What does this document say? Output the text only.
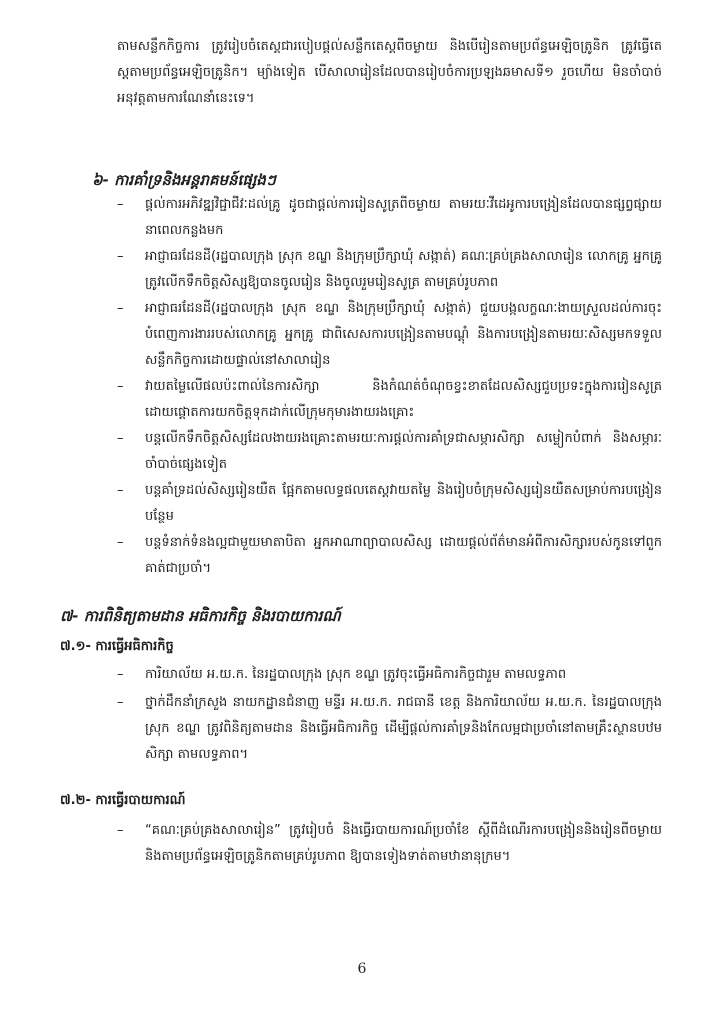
តាមសន្លឹកកិច្ចការ ត្រូវរៀបចំតេស្តជារបៀបផ្តល់សន្លឹកតេស្តពីចម្ងាយ និងបើរៀនតាមប្រព័ន្ធអេឡិចត្រូនិក ត្រូវធ្វើតេស្តតាមប្រព័ន្ធអេឡិចត្រូនិក។ ម្យ៉ាងទៀត បើសាលារៀនដែលបានរៀបចំការប្រឡងឆមាសទី១ រួចហើយ មិនចាំបាច់អនុវត្តតាមការណែនាំនេះទេ។

៦- ការគាំទ្រនិងអន្តរាគមន៍ផ្សេងៗ
– ផ្តល់ការអភិវឌ្ឍវិជ្ជាជីវៈដល់គ្រូ ដូចជាផ្តល់ការរៀនសូត្រពីចម្ងាយ តាមរយៈវីដេអូការបង្រៀនដែលបានផ្សព្វផ្សាយនាពេលកន្លងមក
– អាជ្ញាធរដែនដី(រដ្ឋបាលក្រុង ស្រុក ខណ្ឌ និងក្រុមប្រឹក្សាឃុំ សង្កាត់) គណៈគ្រប់គ្រងសាលារៀន លោកគ្រូ អ្នកគ្រូ ត្រូវលើកទឹកចិត្តសិស្សឱ្យបានចូលរៀន និងចូលរួមរៀនសូត្រ តាមគ្រប់រូបភាព
– អាជ្ញាធរដែនដី(រដ្ឋបាលក្រុង ស្រុក ខណ្ឌ និងក្រុមប្រឹក្សាឃុំ សង្កាត់) ជួយបង្កលក្ខណៈងាយស្រួលដល់ការចុះបំពេញការងាររបស់លោកគ្រូ អ្នកគ្រូ ជាពិសេសការបង្រៀនតាមបណ្តុំ និងការបង្រៀនតាមរយៈសិស្សមកទទួលសន្លឹកកិច្ចការដោយផ្ទាល់នៅសាលារៀន
– វាយតម្លៃលើផលប៉ះពាល់នៃការសិក្សា និងកំណត់ចំណុចខ្វះខាតដែលសិស្សជួបប្រទះក្នុងការរៀនសូត្រ ដោយផ្តោតការយកចិត្តទុកដាក់លើក្រុមកុមារងាយរងគ្រោះ
– បន្តលើកទឹកចិត្តសិស្សដែលងាយរងគ្រោះតាមរយៈការផ្តល់ការគាំទ្រជាសម្ភារសិក្សា សម្លៀកបំពាក់ និងសម្ភារៈចាំបាច់ផ្សេងទៀត
– បន្តគាំទ្រដល់សិស្សរៀនយឺត ផ្អែកតាមលទ្ធផលតេស្តវាយតម្លៃ និងរៀបចំក្រុមសិស្សរៀនយឺតសម្រាប់ការបង្រៀនបន្ថែម
– បន្តទំនាក់ទំនងល្អជាមួយមាតាបិតា អ្នកអាណាព្យាបាលសិស្ស ដោយផ្តល់ព័ត៌មានអំពីការសិក្សារបស់កូនទៅពួកគាត់ជាប្រចាំ។
៧- ការពិនិត្យតាមដាន អធិការកិច្ច និងរបាយការណ៍
៧.១- ការធ្វើអធិការកិច្ច
– ការិយាល័យ អ.យ.ក. នៃរដ្ឋបាលក្រុង ស្រុក ខណ្ឌ ត្រូវចុះធ្វើអធិការកិច្ចជារួម តាមលទ្ធភាព
– ថ្នាក់ដឹកនាំក្រសួង នាយកដ្ឋានជំនាញ មន្ទីរ អ.យ.ក. រាជធានី ខេត្ត និងការិយាល័យ អ.យ.ក. នៃរដ្ឋបាលក្រុង ស្រុក ខណ្ឌ ត្រូវពិនិត្យតាមដាន និងធ្វើអធិការកិច្ច ដើម្បីផ្តល់ការគាំទ្រនិងកែលម្អជាប្រចាំនៅតាមគ្រឹះស្ថានបឋមសិក្សា តាមលទ្ធភាព។
៧.២- ការធ្វើរបាយការណ៍
– “គណៈគ្រប់គ្រងសាលារៀន” ត្រូវរៀបចំ និងធ្វើរបាយការណ៍ប្រចាំខែ ស្តីពីដំណើរការបង្រៀននិងរៀនពីចម្ងាយនិងតាមប្រព័ន្ធអេឡិចត្រូនិកតាមគ្រប់រូបភាព ឱ្យបានទៀងទាត់តាមឋានានុក្រម។
6
